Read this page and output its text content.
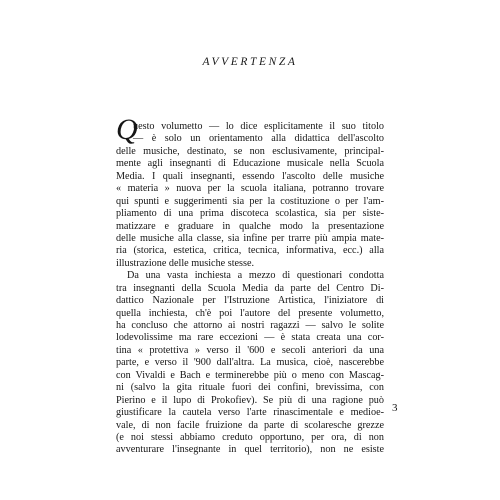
AVVERTENZA
Q
uesto volumetto — lo dice esplicitamente il suo titolo
— è solo un orientamento alla didattica dell'ascolto
delle musiche, destinato, se non esclusivamente, principal-
mente agli insegnanti di Educazione musicale nella Scuola
Media. I quali insegnanti, essendo l'ascolto delle musiche
« materia » nuova per la scuola italiana, potranno trovare
qui spunti e suggerimenti sia per la costituzione o per l'am-
pliamento di una prima discoteca scolastica, sia per siste-
matizzare e graduare in qualche modo la presentazione
delle musiche alla classe, sia infine per trarre più ampia mate-
ria (storica, estetica, critica, tecnica, informativa, ecc.) alla
illustrazione delle musiche stesse.
Da una vasta inchiesta a mezzo di questionari condotta
tra insegnanti della Scuola Media da parte del Centro Di-
dattico Nazionale per l'Istruzione Artistica, l'iniziatore di
quella inchiesta, ch'è poi l'autore del presente volumetto,
ha concluso che attorno ai nostri ragazzi — salvo le solite
lodevolissime ma rare eccezioni — è stata creata una cor-
tina « protettiva » verso il '600 e secoli anteriori da una
parte, e verso il '900 dall'altra. La musica, cioè, nascerebbe
con Vivaldi e Bach e terminerebbe più o meno con Mascag-
ni (salvo la gita rituale fuori dei confini, brevissima, con
Pierino e il lupo di Prokofiev). Se più di una ragione può
giustificare la cautela verso l'arte rinascimentale e medioe-
vale, di non facile fruizione da parte di scolaresche grezze
(e noi stessi abbiamo creduto opportuno, per ora, di non
avventurare l'insegnante in quel territorio), non ne esiste
3
